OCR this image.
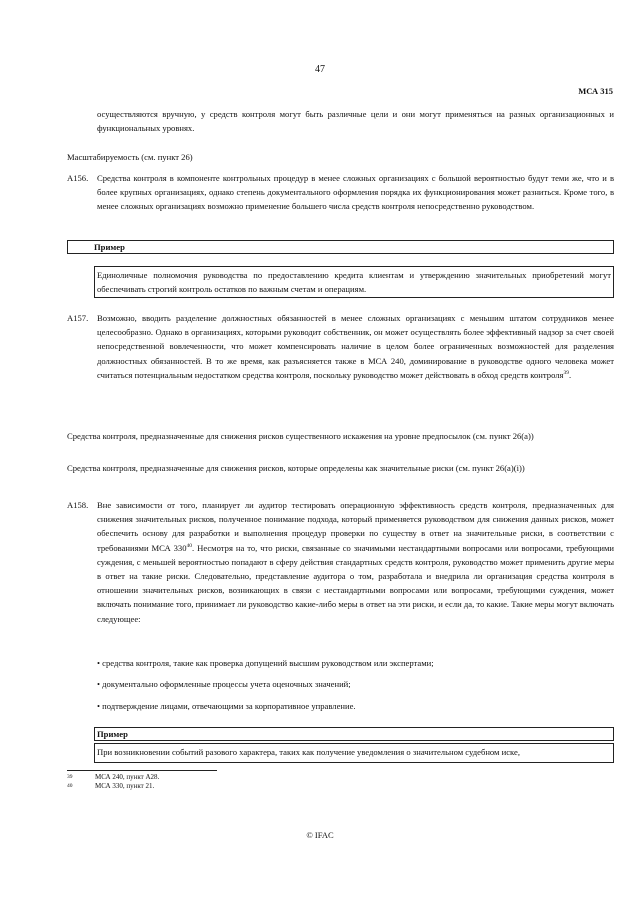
47
МСА 315
осуществляются вручную, у средств контроля могут быть различные цели и они могут применяться на разных организационных и функциональных уровнях.
Масштабируемость (см. пункт 26)
A156. Средства контроля в компоненте контрольных процедур в менее сложных организациях с большой вероятностью будут теми же, что и в более крупных организациях, однако степень документального оформления порядка их функционирования может разниться. Кроме того, в менее сложных организациях возможно применение большего числа средств контроля непосредственно руководством.
Пример
Единоличные полномочия руководства по предоставлению кредита клиентам и утверждению значительных приобретений могут обеспечивать строгий контроль остатков по важным счетам и операциям.
A157. Возможно, вводить разделение должностных обязанностей в менее сложных организациях с меньшим штатом сотрудников менее целесообразно. Однако в организациях, которыми руководит собственник, он может осуществлять более эффективный надзор за счет своей непосредственной вовлеченности, что может компенсировать наличие в целом более ограниченных возможностей для разделения должностных обязанностей. В то же время, как разъясняется также в МСА 240, доминирование в руководстве одного человека может считаться потенциальным недостатком средства контроля, поскольку руководство может действовать в обход средств контроля$^{39}$.
Средства контроля, предназначенные для снижения рисков существенного искажения на уровне предпосылок (см. пункт 26(a))
Средства контроля, предназначенные для снижения рисков, которые определены как значительные риски (см. пункт 26(a)(i))
A158. Вне зависимости от того, планирует ли аудитор тестировать операционную эффективность средств контроля, предназначенных для снижения значительных рисков, полученное понимание подхода, который применяется руководством для снижения данных рисков, может обеспечить основу для разработки и выполнения процедур проверки по существу в ответ на значительные риски, в соответствии с требованиями МСА $330^{40}$. Несмотря на то, что риски, связанные со значимыми нестандартными вопросами или вопросами, требующими суждения, с меньшей вероятностью попадают в сферу действия стандартных средств контроля, руководство может применить другие меры в ответ на такие риски. Следовательно, представление аудитора о том, разработала и внедрила ли организация средства контроля в отношении значительных рисков, возникающих в связи с нестандартными вопросами или вопросами, требующими суждения, может включать понимание того, принимает ли руководство какие-либо меры в ответ на эти риски, и если да, то какие. Такие меры могут включать следующее:
• средства контроля, такие как проверка допущений высшим руководством или экспертами;
• документально оформленные процессы учета оценочных значений;
• подтверждение лицами, отвечающими за корпоративное управление.
Пример
При возникновении событий разового характера, таких как получение уведомления о значительном судебном иске,
39	МСА 240, пункт A28.
40	МСА 330, пункт 21.
© IFAC
